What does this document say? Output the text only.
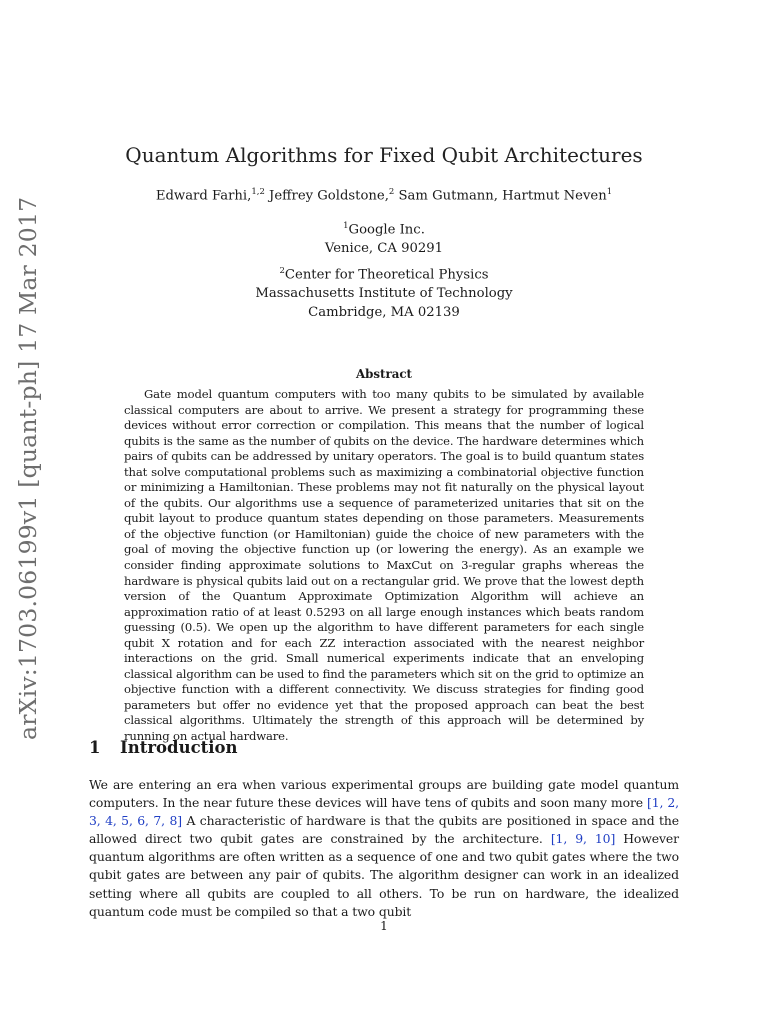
arXiv:1703.06199v1 [quant-ph] 17 Mar 2017
Quantum Algorithms for Fixed Qubit Architectures
Edward Farhi,$^{1,2}$ Jeffrey Goldstone,$^2$ Sam Gutmann, Hartmut Neven$^1$
$^1$Google Inc.
Venice, CA 90291
$^2$Center for Theoretical Physics
Massachusetts Institute of Technology
Cambridge, MA 02139
Abstract
Gate model quantum computers with too many qubits to be simulated by available classical computers are about to arrive. We present a strategy for programming these devices without error correction or compilation. This means that the number of logical qubits is the same as the number of qubits on the device. The hardware determines which pairs of qubits can be addressed by unitary operators. The goal is to build quantum states that solve computational problems such as maximizing a combinatorial objective function or minimizing a Hamiltonian. These problems may not fit naturally on the physical layout of the qubits. Our algorithms use a sequence of parameterized unitaries that sit on the qubit layout to produce quantum states depending on those parameters. Measurements of the objective function (or Hamiltonian) guide the choice of new parameters with the goal of moving the objective function up (or lowering the energy). As an example we consider finding approximate solutions to MaxCut on 3-regular graphs whereas the hardware is physical qubits laid out on a rectangular grid. We prove that the lowest depth version of the Quantum Approximate Optimization Algorithm will achieve an approximation ratio of at least 0.5293 on all large enough instances which beats random guessing (0.5). We open up the algorithm to have different parameters for each single qubit X rotation and for each ZZ interaction associated with the nearest neighbor interactions on the grid. Small numerical experiments indicate that an enveloping classical algorithm can be used to find the parameters which sit on the grid to optimize an objective function with a different connectivity. We discuss strategies for finding good parameters but offer no evidence yet that the proposed approach can beat the best classical algorithms. Ultimately the strength of this approach will be determined by running on actual hardware.
1 Introduction
We are entering an era when various experimental groups are building gate model quantum computers. In the near future these devices will have tens of qubits and soon many more [1, 2, 3, 4, 5, 6, 7, 8] A characteristic of hardware is that the qubits are positioned in space and the allowed direct two qubit gates are constrained by the architecture. [1, 9, 10] However quantum algorithms are often written as a sequence of one and two qubit gates where the two qubit gates are between any pair of qubits. The algorithm designer can work in an idealized setting where all qubits are coupled to all others. To be run on hardware, the idealized quantum code must be compiled so that a two qubit
1
